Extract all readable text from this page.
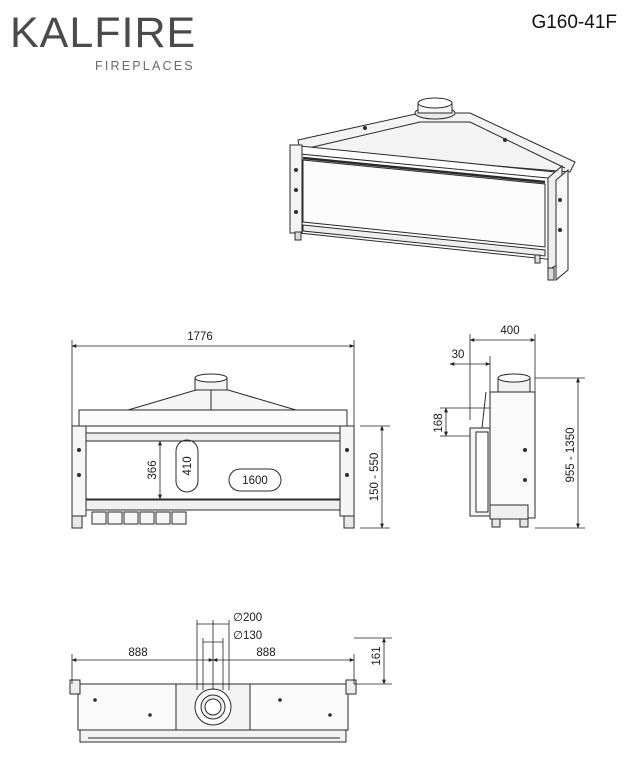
KALFIRE
FIREPLACES
G160-41F
1776
366 410
1600	150 - 550
400
30
168
955 - 1350
888	888
∅200
∅130
161
